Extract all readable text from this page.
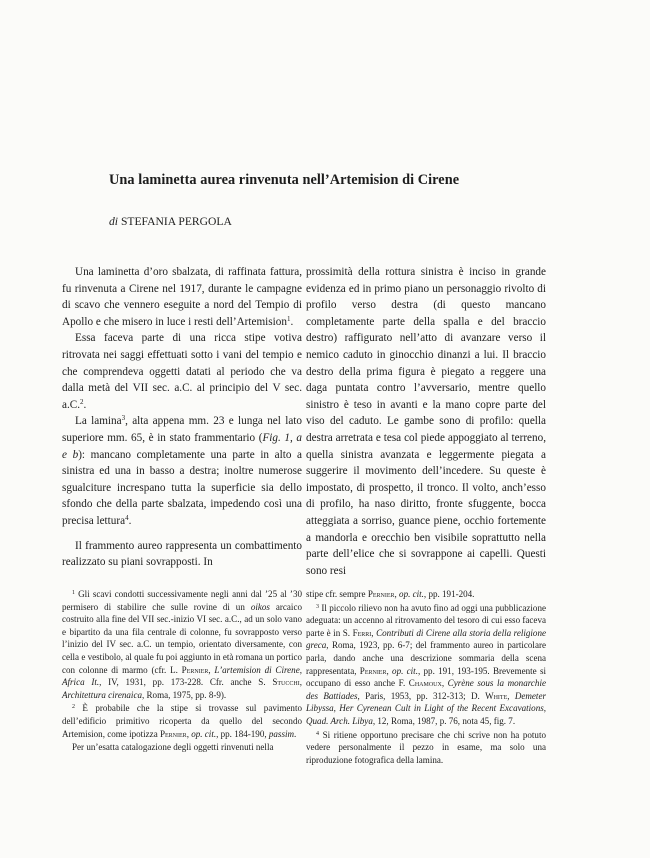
Una laminetta aurea rinvenuta nell’Artemision di Cirene
di STEFANIA PERGOLA

Una laminetta d’oro sbalzata, di raffinata fattura, fu rinvenuta a Cirene nel 1917, durante le campagne di scavo che vennero eseguite a nord del Tempio di Apollo e che misero in luce i resti dell’Artemision$^1$.

Essa faceva parte di una ricca stipe votiva ritrovata nei saggi effettuati sotto i vani del tempio e che comprendeva oggetti datati al periodo che va dalla metà del VII sec. a.C. al principio del V sec. a.C.$^2$.

La lamina$^3$, alta appena mm. 23 e lunga nel lato superiore mm. 65, è in stato frammentario (Fig. 1, a e b): mancano completamente una parte in alto a sinistra ed una in basso a destra; inoltre numerose sgualciture increspano tutta la superficie sia dello sfondo che della parte sbalzata, impedendo così una precisa lettura$^4$.

Il frammento aureo rappresenta un combattimento realizzato su piani sovrapposti. In

prossimità della rottura sinistra è inciso in grande evidenza ed in primo piano un personaggio rivolto di profilo verso destra (di questo mancano completamente parte della spalla e del braccio destro) raffigurato nell’atto di avanzare verso il nemico caduto in ginocchio dinanzi a lui. Il braccio destro della prima figura è piegato a reggere una daga puntata contro l’avversario, mentre quello sinistro è teso in avanti e la mano copre parte del viso del caduto. Le gambe sono di profilo: quella destra arretrata e tesa col piede appoggiato al terreno, quella sinistra avanzata e leggermente piegata a suggerire il movimento dell’incedere. Su queste è impostato, di prospetto, il tronco. Il volto, anch’esso di profilo, ha naso diritto, fronte sfuggente, bocca atteggiata a sorriso, guance piene, occhio fortemente a mandorla e orecchio ben visibile soprattutto nella parte dell’elice che si sovrappone ai capelli. Questi sono resi

$^1$ Gli scavi condotti successivamente negli anni dal ’25 al ’30 permisero di stabilire che sulle rovine di un oikos arcaico costruito alla fine del VII sec.-inizio VI sec. a.C., ad un solo vano e bipartito da una fila centrale di colonne, fu sovrapposto verso l’inizio del IV sec. a.C. un tempio, orientato diversamente, con cella e vestibolo, al quale fu poi aggiunto in età romana un portico con colonne di marmo (cfr. L. Pernier, L’artemision di Cirene, Africa It., IV, 1931, pp. 173-228. Cfr. anche S. Stucchi, Architettura cirenaica, Roma, 1975, pp. 8-9).

$^2$ È probabile che la stipe si trovasse sul pavimento dell’edificio primitivo ricoperta da quello del secondo Artemision, come ipotizza Pernier, op. cit., pp. 184-190, passim.

Per un’esatta catalogazione degli oggetti rinvenuti nella

stipe cfr. sempre Pernier, op. cit., pp. 191-204.

$^3$ Il piccolo rilievo non ha avuto fino ad oggi una pubblicazione adeguata: un accenno al ritrovamento del tesoro di cui esso faceva parte è in S. Ferri, Contributi di Cirene alla storia della religione greca, Roma, 1923, pp. 6-7; del frammento aureo in particolare parla, dando anche una descrizione sommaria della scena rappresentata, Pernier, op. cit., pp. 191, 193-195. Brevemente si occupano di esso anche F. Chamoux, Cyrène sous la monarchie des Battiades, Paris, 1953, pp. 312-313; D. White, Demeter Libyssa, Her Cyrenean Cult in Light of the Recent Excavations, Quad. Arch. Libya, 12, Roma, 1987, p. 76, nota 45, fig. 7.

$^4$ Si ritiene opportuno precisare che chi scrive non ha potuto vedere personalmente il pezzo in esame, ma solo una riproduzione fotografica della lamina.
